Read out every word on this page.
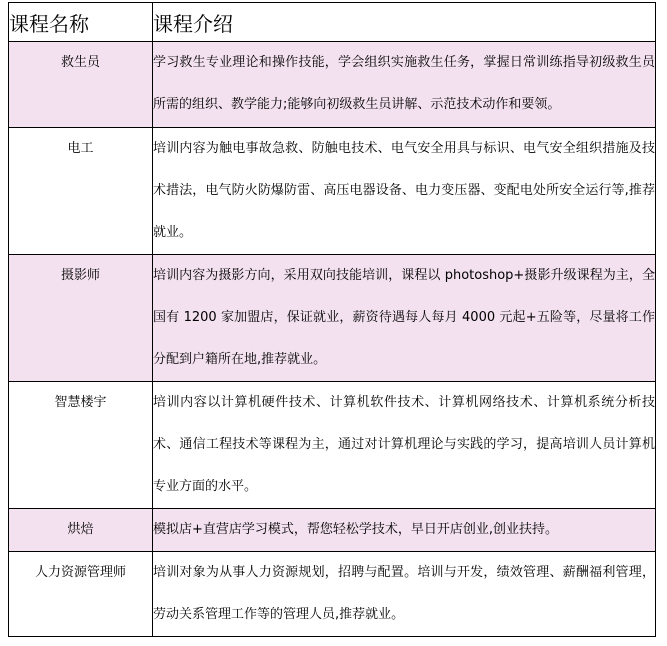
课程名称	课程介绍
救生员	学习救生专业理论和操作技能，学会组织实施救生任务，掌握日常训练指导初级救生员所需的组织、教学能力;能够向初级救生员讲解、示范技术动作和要领。
电工	培训内容为触电事故急救、防触电技术、电气安全用具与标识、电气安全组织措施及技术措法，电气防火防爆防雷、高压电器设备、电力变压器、变配电处所安全运行等,推荐就业。
摄影师	培训内容为摄影方向，采用双向技能培训，课程以 photoshop+摄影升级课程为主，全国有 1200 家加盟店，保证就业，薪资待遇每人每月 4000 元起+五险等，尽量将工作分配到户籍所在地,推荐就业。
智慧楼宇	培训内容以计算机硬件技术、计算机软件技术、计算机网络技术、计算机系统分析技术、通信工程技术等课程为主，通过对计算机理论与实践的学习，提高培训人员计算机专业方面的水平。
烘焙	模拟店+直营店学习模式，帮您轻松学技术，早日开店创业,创业扶持。
人力资源管理师	培训对象为从事人力资源规划，招聘与配置。培训与开发，绩效管理、薪酬福利管理，劳动关系管理工作等的管理人员,推荐就业。
